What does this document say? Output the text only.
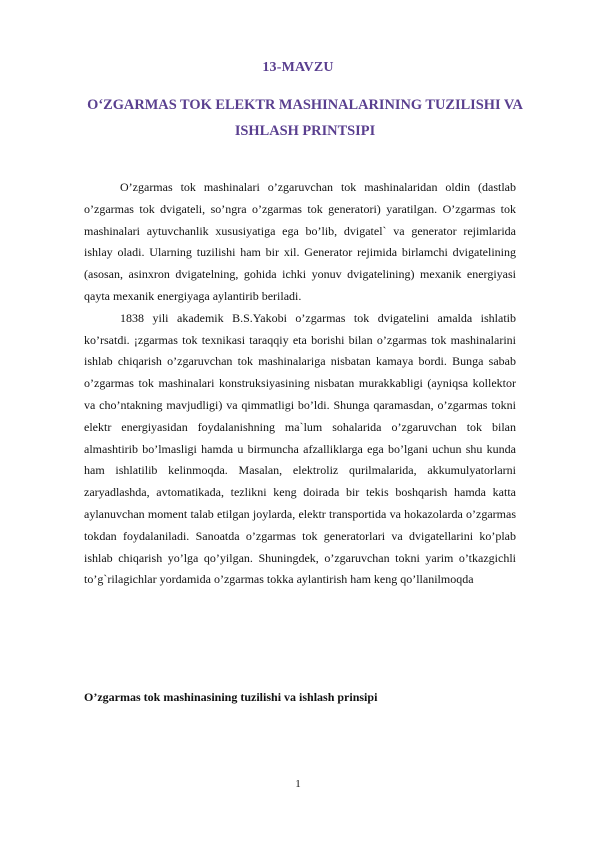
13-MAVZU
O‘ZGARMAS TOK ELEKTR MASHINALARINING TUZILISHI VA ISHLASH PRINTSIPI

O’zgarmas tok mashinalari o’zgaruvchan tok mashinalaridan oldin (dastlab o’zgarmas tok dvigateli, so’ngra o’zgarmas tok generatori) yaratilgan. O’zgarmas tok mashinalari aytuvchanlik xususiyatiga ega bo’lib, dvigatel` va generator rejimlarida ishlay oladi. Ularning tuzilishi ham bir xil. Generator rejimida birlamchi dvigatelining (asosan, asinxron dvigatelning, gohida ichki yonuv dvigatelining) mexanik energiyasi qayta mexanik energiyaga aylantirib beriladi.

1838 yili akademik B.S.Yakobi o’zgarmas tok dvigatelini amalda ishlatib ko’rsatdi. ¡zgarmas tok texnikasi taraqqiy eta borishi bilan o’zgarmas tok mashinalarini ishlab chiqarish o’zgaruvchan tok mashinalariga nisbatan kamaya bordi. Bunga sabab o’zgarmas tok mashinalari konstruksiyasining nisbatan murakkabligi (ayniqsa kollektor va cho’ntakning mavjudligi) va qimmatligi bo’ldi. Shunga qaramasdan, o’zgarmas tokni elektr energiyasidan foydalanishning ma`lum sohalarida o’zgaruvchan tok bilan almashtirib bo’lmasligi hamda u birmuncha afzalliklarga ega bo’lgani uchun shu kunda ham ishlatilib kelinmoqda. Masalan, elektroliz qurilmalarida, akkumulyatorlarni zaryadlashda, avtomatikada, tezlikni keng doirada bir tekis boshqarish hamda katta aylanuvchan moment talab etilgan joylarda, elektr transportida va hokazolarda o’zgarmas tokdan foydalaniladi. Sanoatda o’zgarmas tok generatorlari va dvigatellarini ko’plab ishlab chiqarish yo’lga qo’yilgan. Shuningdek, o’zgaruvchan tokni yarim o’tkazgichli to’g`rilagichlar yordamida o’zgarmas tokka aylantirish ham keng qo’llanilmoqda

O’zgarmas tok mashinasining tuzilishi va ishlash prinsipi
1
